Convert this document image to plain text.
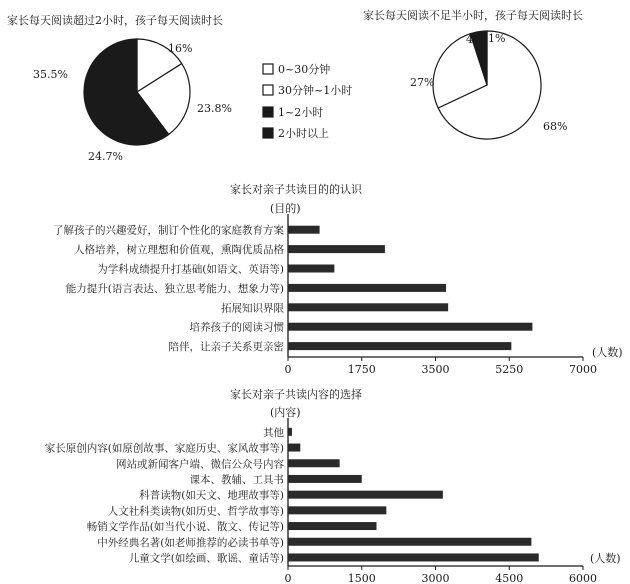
家长每天阅读超过2小时，孩子每天阅读时长	家长每天阅读不足半小时，孩子每天阅读时长
16%
23.8%
24.7%
35.5%	0~30分钟
30分钟~1小时
1~2小时
2小时以上
68%
27%
4% 1%
家长对亲子共读目的的认识
(目的)
0	1750	3500	5250	7000
了解孩子的兴趣爱好，制订个性化的家庭教育方案
人格培养，树立理想和价值观，熏陶优质品格
为学科成绩提升打基础(如语文、英语等)
能力提升(语言表达、独立思考能力、想象力等)
拓展知识界限
培养孩子的阅读习惯
陪伴，让亲子关系更亲密	(人数)
家长对亲子共读内容的选择
(内容)
0	1500	3000	4500	6000
其他
家长原创内容(如原创故事、家庭历史、家风故事等)
网站或新闻客户端、微信公众号内容
课本、教辅、工具书
科普读物(如天文、地理故事等)
人文社科类读物(如历史、哲学故事等)
畅销文学作品(如当代小说、散文、传记等)
中外经典名著(如老师推荐的必读书单等)
儿童文学(如绘画、歌谣、童话等)	(人数)
